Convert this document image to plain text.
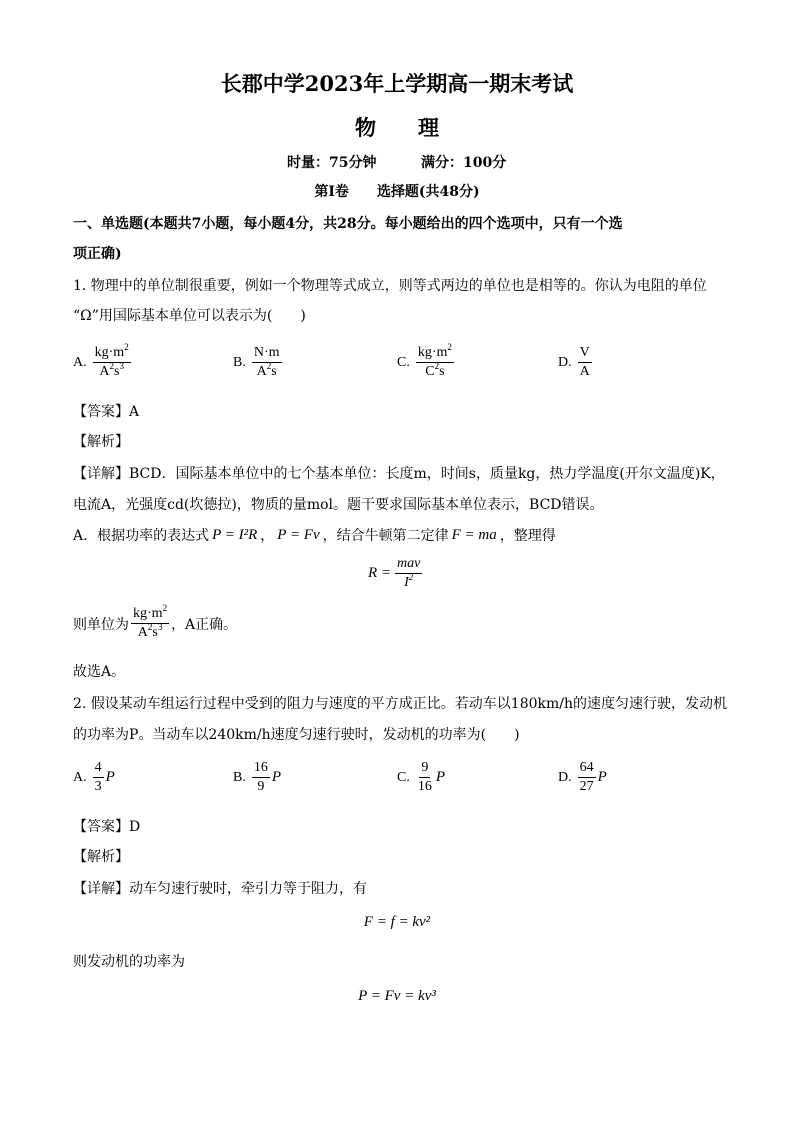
长郡中学2023年上学期高一期末考试
物　　理
时量：75分钟	满分：100分
第Ⅰ卷　　选择题(共48分)
一、单选题(本题共7小题，每小题4分，共28分。每小题给出的四个选项中，只有一个选
项正确)
1. 物理中的单位制很重要，例如一个物理等式成立，则等式两边的单位也是相等的。你认为电阻的单位
“Ω”用国际基本单位可以表示为(　　)
A. $\frac{kg\cdot m^2}{A^2s^3}$	B. $\frac{N\cdot m}{A^2s}$	C. $\frac{kg\cdot m^2}{C^2s}$	D. $\frac{V}{A}$
【答案】A
【解析】
【详解】BCD．国际基本单位中的七个基本单位：长度m，时间s，质量kg，热力学温度(开尔文温度)K，
电流A，光强度cd(坎德拉)，物质的量mol。题干要求国际基本单位表示，BCD错误。
A．根据功率的表达式 P = I²R ， P = Fv ，结合牛顿第二定律 F = ma ，整理得
$R = \frac{\text{mav}}{I^2}$
则单位为 $\frac{kg\cdot m^2}{A^2s^3}$ ，A正确。
故选A。
2. 假设某动车组运行过程中受到的阻力与速度的平方成正比。若动车以180km/h的速度匀速行驶，发动机
的功率为P。当动车以240km/h速度匀速行驶时，发动机的功率为(　　)
A. $\frac{4}{3}$ P	B. $\frac{16}{9}$ P	C. $\frac{9}{16}$ P	D. $\frac{64}{27}$ P
【答案】D
【解析】
【详解】动车匀速行驶时，牵引力等于阻力，有
F = f = kv²
则发动机的功率为
P = Fv = kv³
